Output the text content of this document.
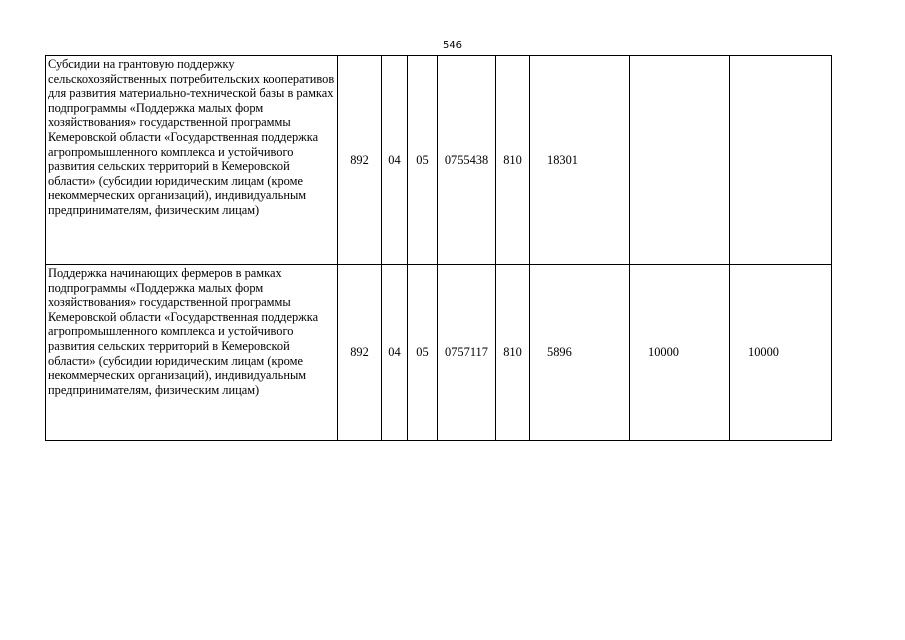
546
Субсидии на грантовую поддержку сельскохозяйственных потребительских кооперативов для развития материально-технической базы в рамках подпрограммы «Поддержка малых форм хозяйствования» государственной программы Кемеровской области «Государственная поддержка агропромышленного комплекса и устойчивого развития сельских территорий в Кемеровской области» (субсидии юридическим лицам (кроме некоммерческих организаций), индивидуальным предпринимателям, физическим лицам)	892	04	05	0755438	810	18301		
Поддержка начинающих фермеров в рамках подпрограммы «Поддержка малых форм хозяйствования» государственной программы Кемеровской области «Государственная поддержка агропромышленного комплекса и устойчивого развития сельских территорий в Кемеровской области» (субсидии юридическим лицам (кроме некоммерческих организаций), индивидуальным предпринимателям, физическим лицам)	892	04	05	0757117	810	5896	10000	10000
